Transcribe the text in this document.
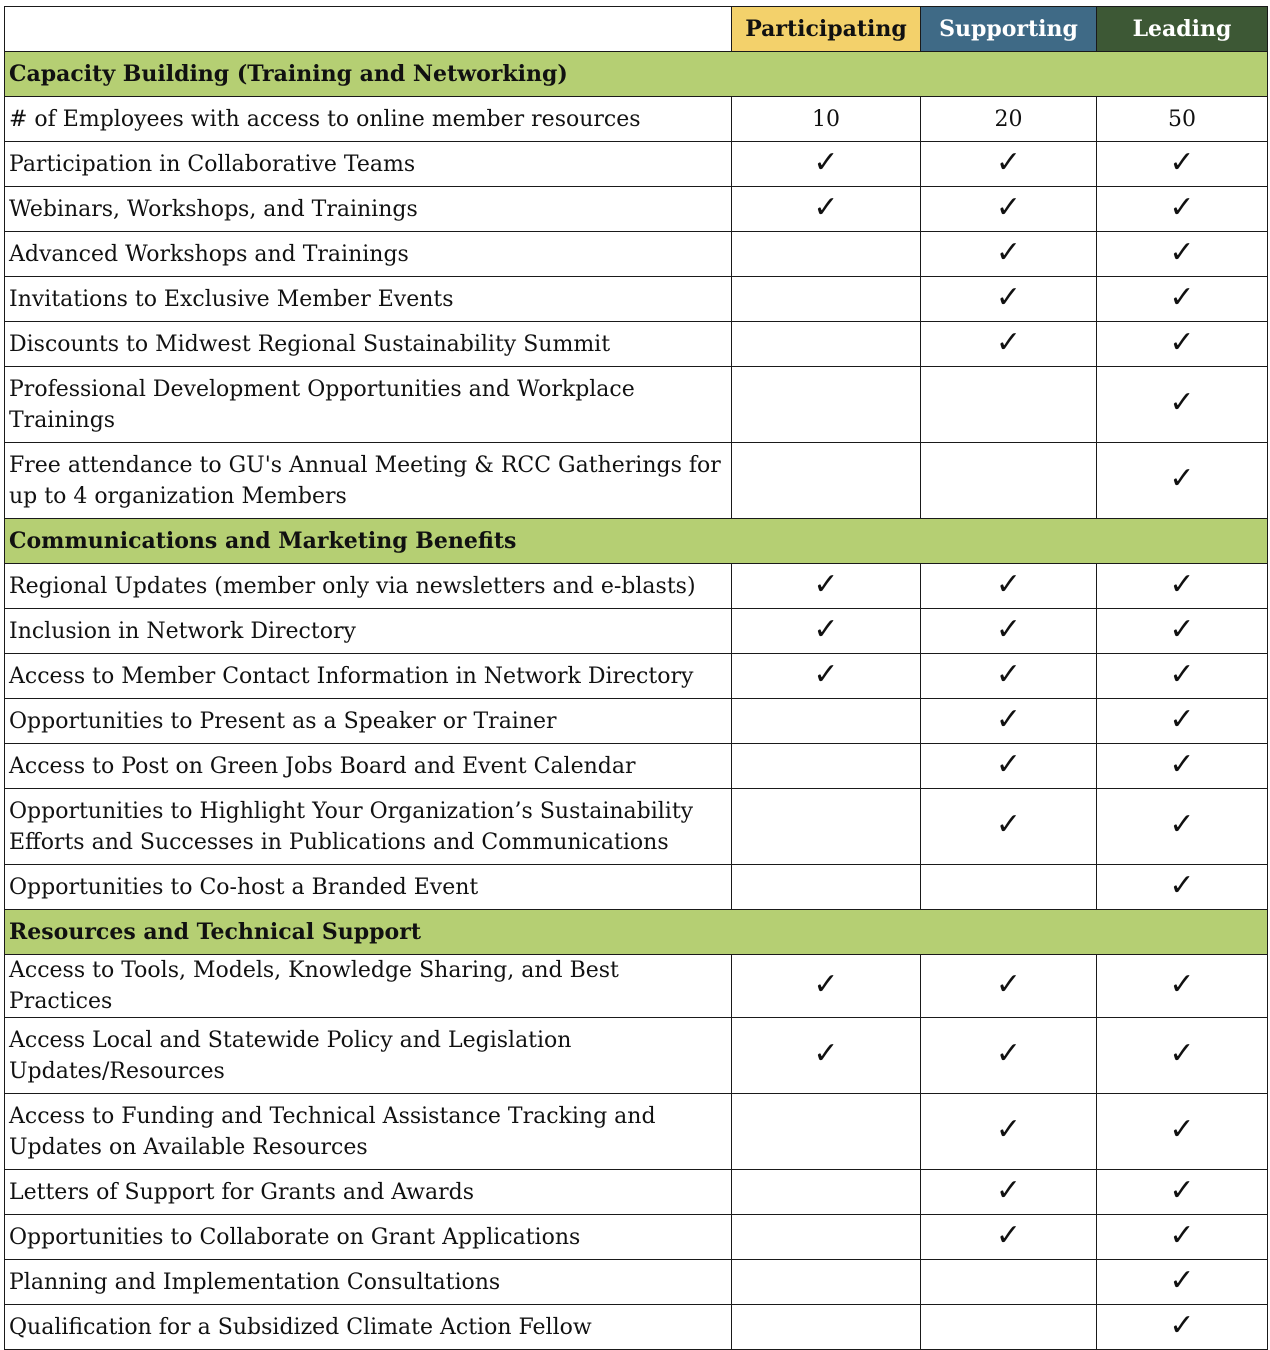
	Participating	Supporting	Leading
Capacity Building (Training and Networking)			
# of Employees with access to online member resources	10	20	50
Participation in Collaborative Teams	✓	✓	✓
Webinars, Workshops, and Trainings	✓	✓	✓
Advanced Workshops and Trainings		✓	✓
Invitations to Exclusive Member Events		✓	✓
Discounts to Midwest Regional Sustainability Summit		✓	✓
Professional Development Opportunities and Workplace Trainings			✓
Free attendance to GU's Annual Meeting & RCC Gatherings for up to 4 organization Members			✓
Communications and Marketing Benefits			
Regional Updates (member only via newsletters and e-blasts)	✓	✓	✓
Inclusion in Network Directory	✓	✓	✓
Access to Member Contact Information in Network Directory	✓	✓	✓
Opportunities to Present as a Speaker or Trainer		✓	✓
Access to Post on Green Jobs Board and Event Calendar		✓	✓
Opportunities to Highlight Your Organization’s Sustainability Efforts and Successes in Publications and Communications		✓	✓
Opportunities to Co-host a Branded Event			✓
Resources and Technical Support			
Access to Tools, Models, Knowledge Sharing, and Best Practices	✓	✓	✓
Access Local and Statewide Policy and Legislation Updates/Resources	✓	✓	✓
Access to Funding and Technical Assistance Tracking and Updates on Available Resources		✓	✓
Letters of Support for Grants and Awards		✓	✓
Opportunities to Collaborate on Grant Applications		✓	✓
Planning and Implementation Consultations			✓
Qualification for a Subsidized Climate Action Fellow			✓
